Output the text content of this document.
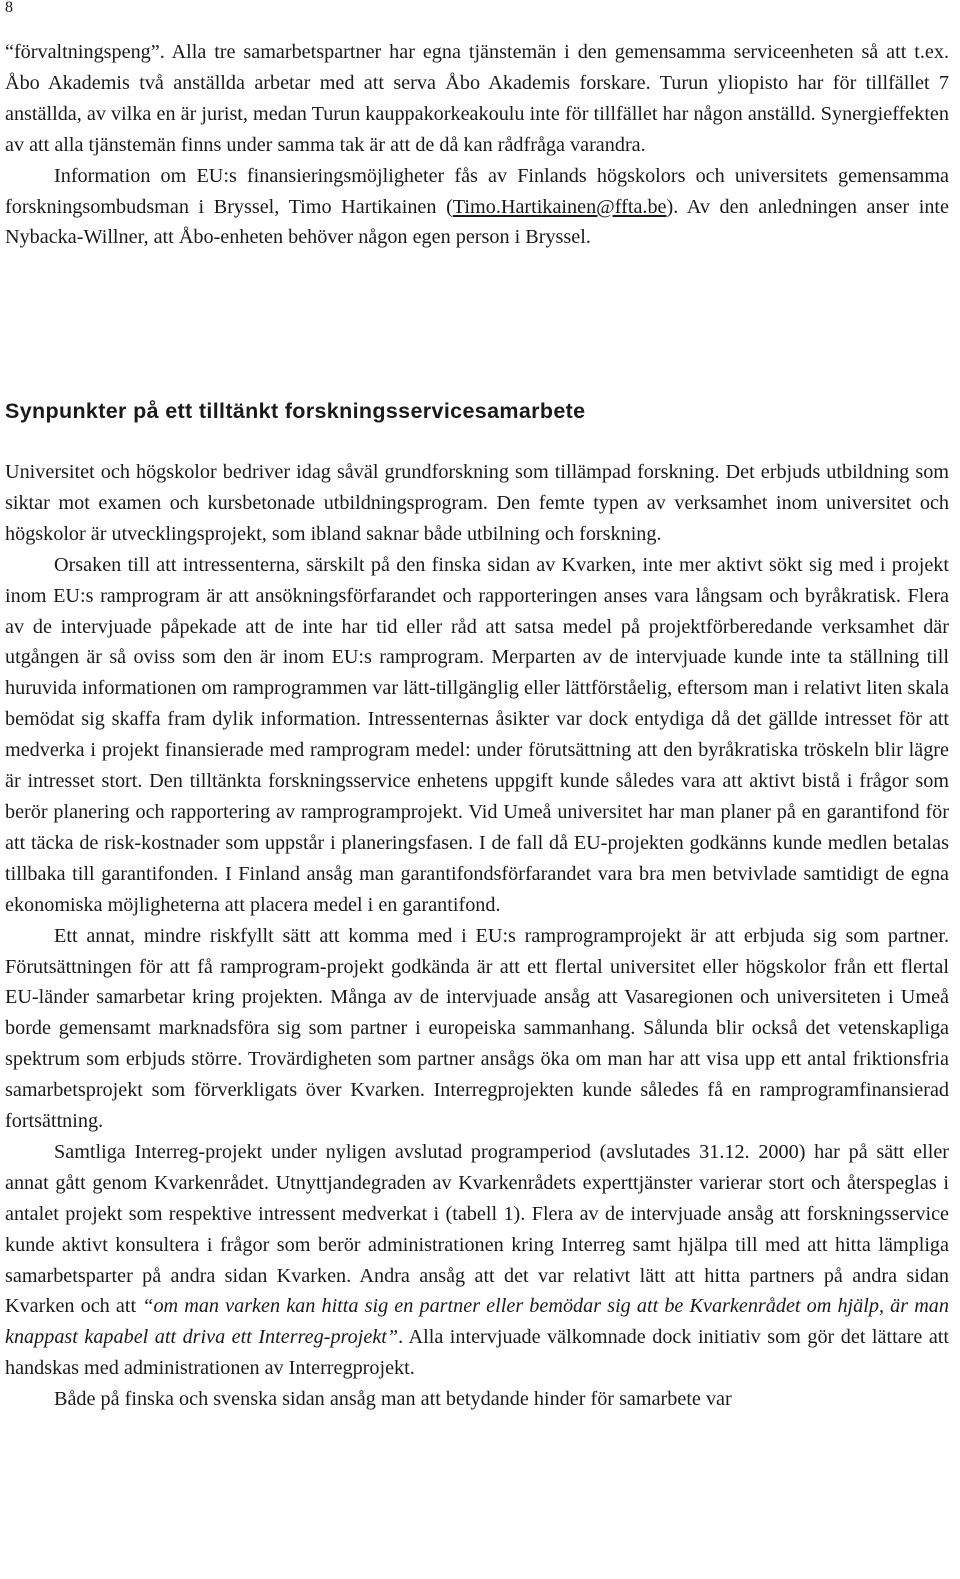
8

“förvaltningspeng”. Alla tre samarbetspartner har egna tjänstemän i den gemensamma serviceenheten så att t.ex. Åbo Akademis två anställda arbetar med att serva Åbo Akademis forskare. Turun yliopisto har för tillfället 7 anställda, av vilka en är jurist, medan Turun kauppakorkeakoulu inte för tillfället har någon anställd. Synergieffekten av att alla tjänstemän finns under samma tak är att de då kan rådfråga varandra.

Information om EU:s finansieringsmöjligheter fås av Finlands högskolors och universitets gemensamma forskningsombudsman i Bryssel, Timo Hartikainen (Timo.Hartikainen@ffta.be). Av den anledningen anser inte Nybacka-Willner, att Åbo-enheten behöver någon egen person i Bryssel.

Synpunkter på ett tilltänkt forskningsservicesamarbete

Universitet och högskolor bedriver idag såväl grundforskning som tillämpad forskning. Det erbjuds utbildning som siktar mot examen och kursbetonade utbildningsprogram. Den femte typen av verksamhet inom universitet och högskolor är utvecklingsprojekt, som ibland saknar både utbilning och forskning.

Orsaken till att intressenterna, särskilt på den finska sidan av Kvarken, inte mer aktivt sökt sig med i projekt inom EU:s ramprogram är att ansökningsförfarandet och rapporteringen anses vara långsam och byråkratisk. Flera av de intervjuade påpekade att de inte har tid eller råd att satsa medel på projektförberedande verksamhet där utgången är så oviss som den är inom EU:s ramprogram. Merparten av de intervjuade kunde inte ta ställning till huruvida informationen om ramprogrammen var lätt-tillgänglig eller lättförståelig, eftersom man i relativt liten skala bemödat sig skaffa fram dylik information. Intressenternas åsikter var dock entydiga då det gällde intresset för att medverka i projekt finansierade med ramprogram medel: under förutsättning att den byråkratiska tröskeln blir lägre är intresset stort. Den tilltänkta forskningsservice enhetens uppgift kunde således vara att aktivt bistå i frågor som berör planering och rapportering av ramprogramprojekt. Vid Umeå universitet har man planer på en garantifond för att täcka de risk-kostnader som uppstår i planeringsfasen. I de fall då EU-projekten godkänns kunde medlen betalas tillbaka till garantifonden. I Finland ansåg man garantifondsförfarandet vara bra men betvivlade samtidigt de egna ekonomiska möjligheterna att placera medel i en garantifond.

Ett annat, mindre riskfyllt sätt att komma med i EU:s ramprogramprojekt är att erbjuda sig som partner. Förutsättningen för att få ramprogram-projekt godkända är att ett flertal universitet eller högskolor från ett flertal EU-länder samarbetar kring projekten. Många av de intervjuade ansåg att Vasaregionen och universiteten i Umeå borde gemensamt marknadsföra sig som partner i europeiska sammanhang. Sålunda blir också det vetenskapliga spektrum som erbjuds större. Trovärdigheten som partner ansågs öka om man har att visa upp ett antal friktionsfria samarbetsprojekt som förverkligats över Kvarken. Interregprojekten kunde således få en ramprogramfinansierad fortsättning.

Samtliga Interreg-projekt under nyligen avslutad programperiod (avslutades 31.12. 2000) har på sätt eller annat gått genom Kvarkenrådet. Utnyttjandegraden av Kvarkenrådets experttjänster varierar stort och återspeglas i antalet projekt som respektive intressent medverkat i (tabell 1). Flera av de intervjuade ansåg att forskningsservice kunde aktivt konsultera i frågor som berör administrationen kring Interreg samt hjälpa till med att hitta lämpliga samarbetsparter på andra sidan Kvarken. Andra ansåg att det var relativt lätt att hitta partners på andra sidan Kvarken och att “om man varken kan hitta sig en partner eller bemödar sig att be Kvarkenrådet om hjälp, är man knappast kapabel att driva ett Interreg-projekt”. Alla intervjuade välkomnade dock initiativ som gör det lättare att handskas med administrationen av Interregprojekt.

Både på finska och svenska sidan ansåg man att betydande hinder för samarbete var
